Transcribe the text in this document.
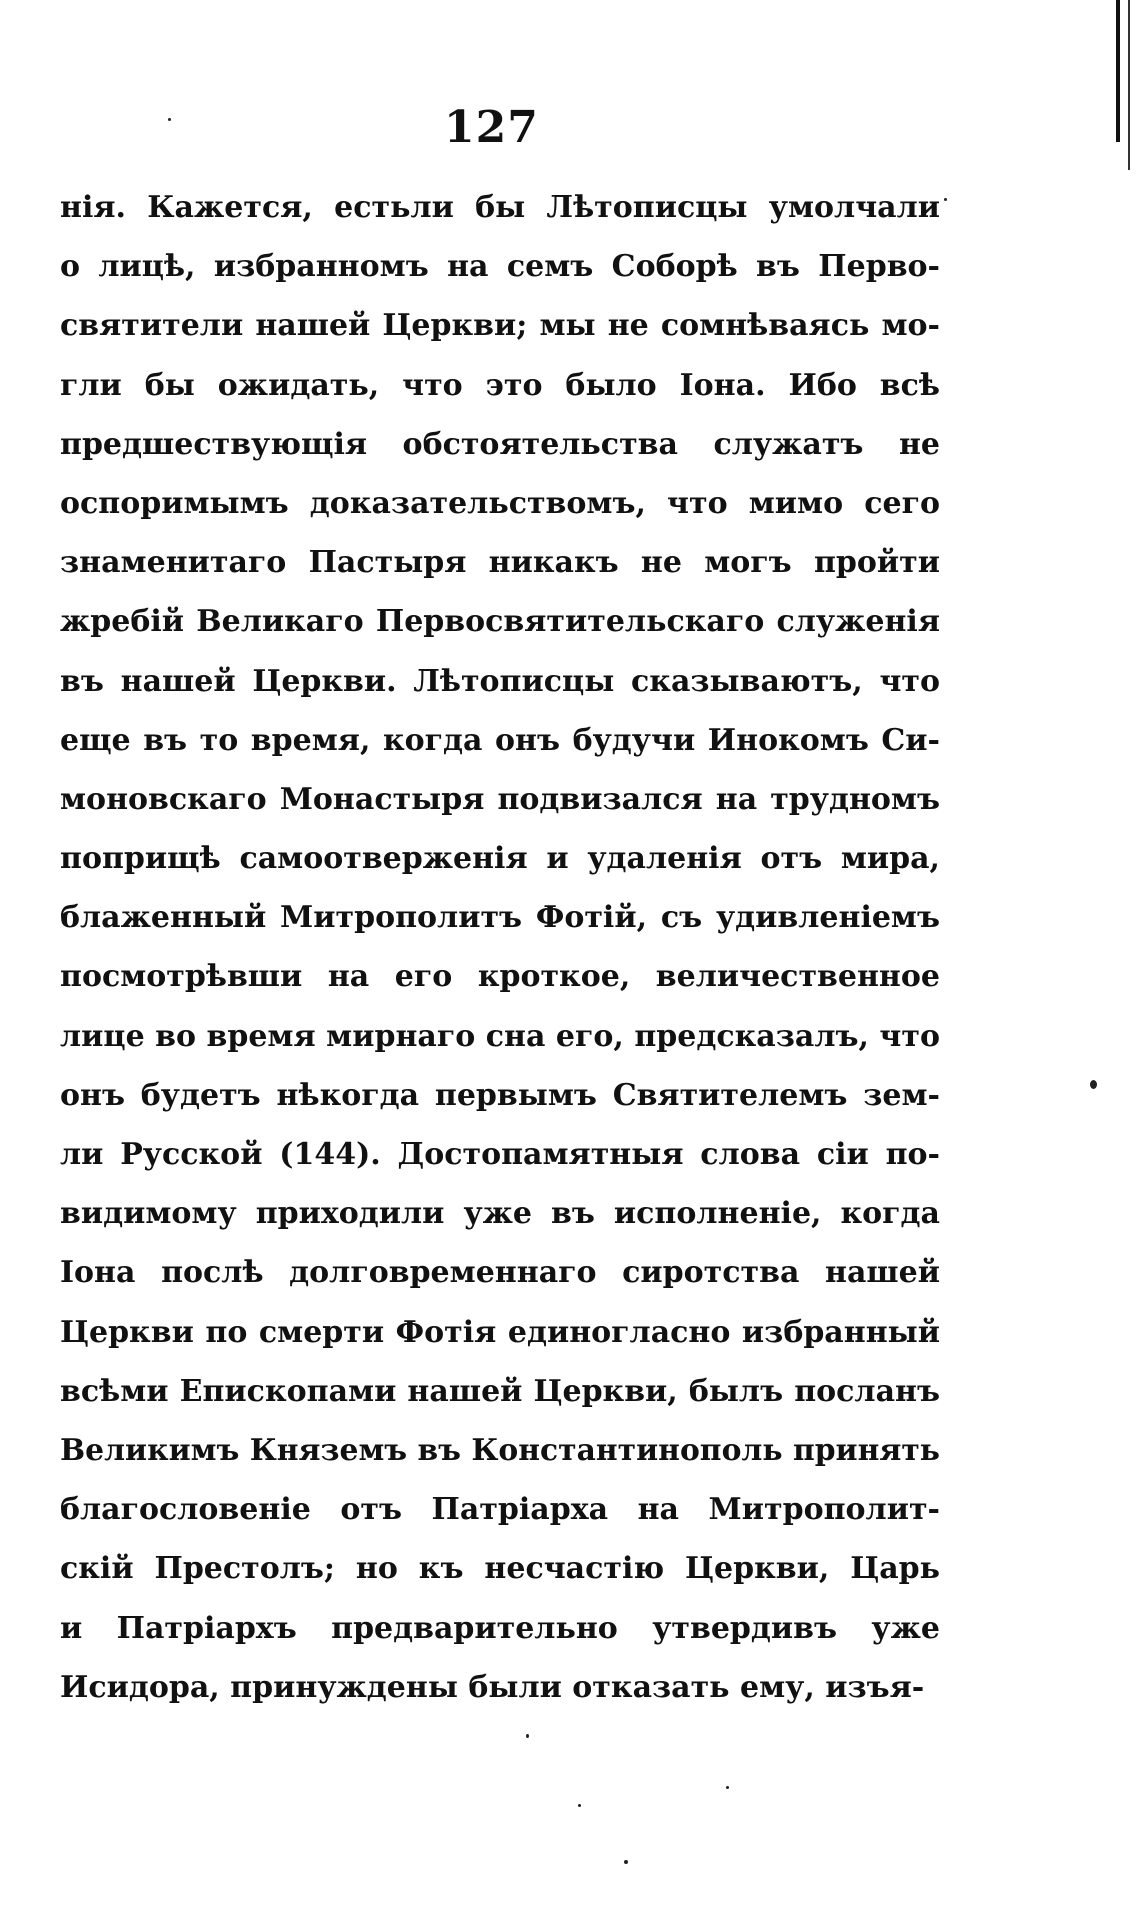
127
нія. Кажется, естьли бы Лѣтописцы умолчали
о лицѣ, избранномъ на семъ Соборѣ въ Перво-
святители нашей Церкви; мы не сомнѣваясь мо-
гли бы ожидать, что это было Іона. Ибо всѣ
предшествующія обстоятельства служатъ не
оспоримымъ доказательствомъ, что мимо сего
знаменитаго Пастыря никакъ не могъ пройти
жребій Великаго Первосвятительскаго служенія
въ нашей Церкви. Лѣтописцы сказываютъ, что
еще въ то время, когда онъ будучи Инокомъ Си-
моновскаго Монастыря подвизался на трудномъ
поприщѣ самоотверженія и удаленія отъ мира,
блаженный Митрополитъ Фотій, съ удивленіемъ
посмотрѣвши на его кроткое, величественное
лице во время мирнаго сна его, предсказалъ, что
онъ будетъ нѣкогда первымъ Святителемъ зем-
ли Русской (144). Достопамятныя слова сіи по-
видимому приходили уже въ исполненіе, когда
Іона послѣ долговременнаго сиротства нашей
Церкви по смерти Фотія единогласно избранный
всѣми Епископами нашей Церкви, былъ посланъ
Великимъ Княземъ въ Константинополь принять
благословеніе отъ Патріарха на Митрополит-
скій Престолъ; но къ несчастію Церкви, Царь
и Патріархъ предварительно утвердивъ уже
Исидора, принуждены были отказать ему, изъя-
